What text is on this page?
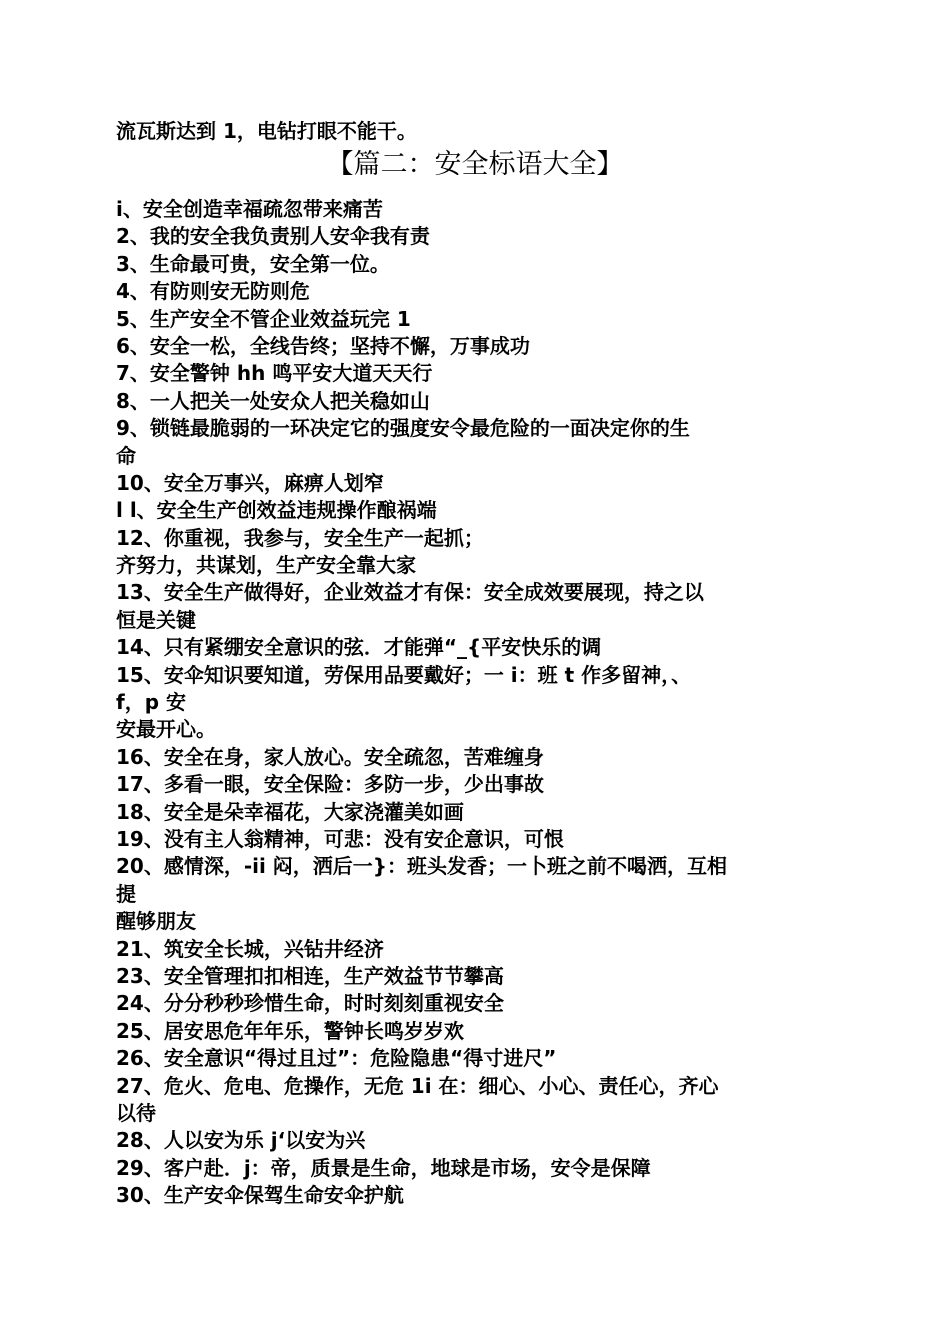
流瓦斯达到 1，电钻打眼不能干。
【篇二：安全标语大全】
i、安全创造幸福疏忽带来痛苦
2、我的安全我负责别人安伞我有责
3、生命最可贵，安全第一位。
4、有防则安无防则危
5、生产安全不管企业效益玩完 1
6、安全一松，全线告终；坚持不懈，万事成功
7、安全警钟 hh 鸣平安大道天天行
8、一人把关一处安众人把关稳如山
9、锁链最脆弱的一环决定它的强度安令最危险的一面决定你的生
命
10、安全万事兴，麻痹人划窄
l l、安全生产创效益违规操作酿祸端
12、你重视，我参与，安全生产一起抓；
齐努力，共谋划，生产安全靠大家
13、安全生产做得好，企业效益才有保：安全成效要展现，持之以
恒是关键
14、只有紧绷安全意识的弦．才能弹“_{平安快乐的调
15、安伞知识要知道，劳保用品要戴好；一 i：班 t 作多留神，、
f，p 安
安最开心。
16、安全在身，家人放心。安全疏忽，苦难缠身
17、多看一眼，安全保险：多防一步，少出事故
18、安全是朵幸福花，大家浇灌美如画
19、没有主人翁精神，可悲：没有安企意识，可恨
20、感情深，-ii 闷，洒后一}：班头发香；一卜班之前不喝洒，互相
提
醒够朋友
21、筑安全长城，兴钻井经济
23、安全管理扣扣相连，生产效益节节攀高
24、分分秒秒珍惜生命，时时刻刻重视安全
25、居安思危年年乐，警钟长鸣岁岁欢
26、安全意识“得过且过”：危险隐患“得寸进尺”
27、危火、危电、危操作，无危 1i 在：细心、小心、责任心，齐心
以待
28、人以安为乐 j‘以安为兴
29、客户赴．j：帝，质景是生命，地球是市场，安令是保障
30、生产安伞保驾生命安伞护航
